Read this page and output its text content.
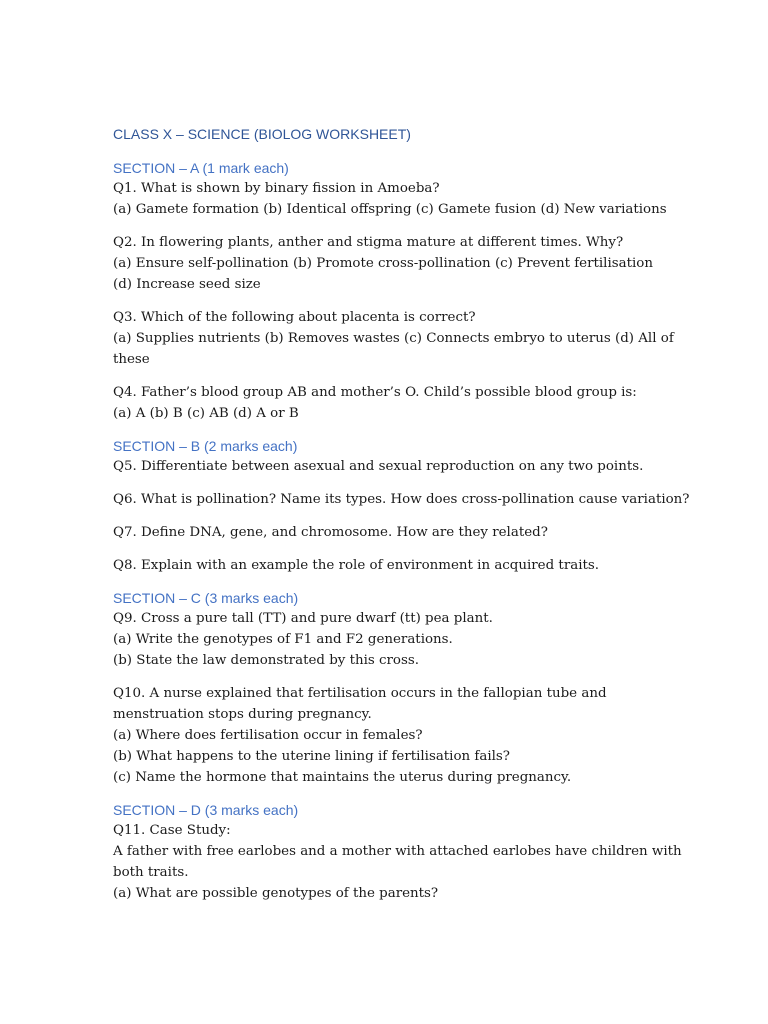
CLASS X – SCIENCE (BIOLOG WORKSHEET)
SECTION – A (1 mark each)
Q1. What is shown by binary fission in Amoeba?
(a) Gamete formation (b) Identical offspring (c) Gamete fusion (d) New variations
Q2. In flowering plants, anther and stigma mature at different times. Why?
(a) Ensure self-pollination (b) Promote cross-pollination (c) Prevent fertilisation
(d) Increase seed size
Q3. Which of the following about placenta is correct?
(a) Supplies nutrients (b) Removes wastes (c) Connects embryo to uterus (d) All of
these
Q4. Father’s blood group AB and mother’s O. Child’s possible blood group is:
(a) A (b) B (c) AB (d) A or B
SECTION – B (2 marks each)
Q5. Differentiate between asexual and sexual reproduction on any two points.
Q6. What is pollination? Name its types. How does cross-pollination cause variation?
Q7. Define DNA, gene, and chromosome. How are they related?
Q8. Explain with an example the role of environment in acquired traits.
SECTION – C (3 marks each)
Q9. Cross a pure tall (TT) and pure dwarf (tt) pea plant.
(a) Write the genotypes of F1 and F2 generations.
(b) State the law demonstrated by this cross.
Q10. A nurse explained that fertilisation occurs in the fallopian tube and
menstruation stops during pregnancy.
(a) Where does fertilisation occur in females?
(b) What happens to the uterine lining if fertilisation fails?
(c) Name the hormone that maintains the uterus during pregnancy.
SECTION – D (3 marks each)
Q11. Case Study:
A father with free earlobes and a mother with attached earlobes have children with
both traits.
(a) What are possible genotypes of the parents?
